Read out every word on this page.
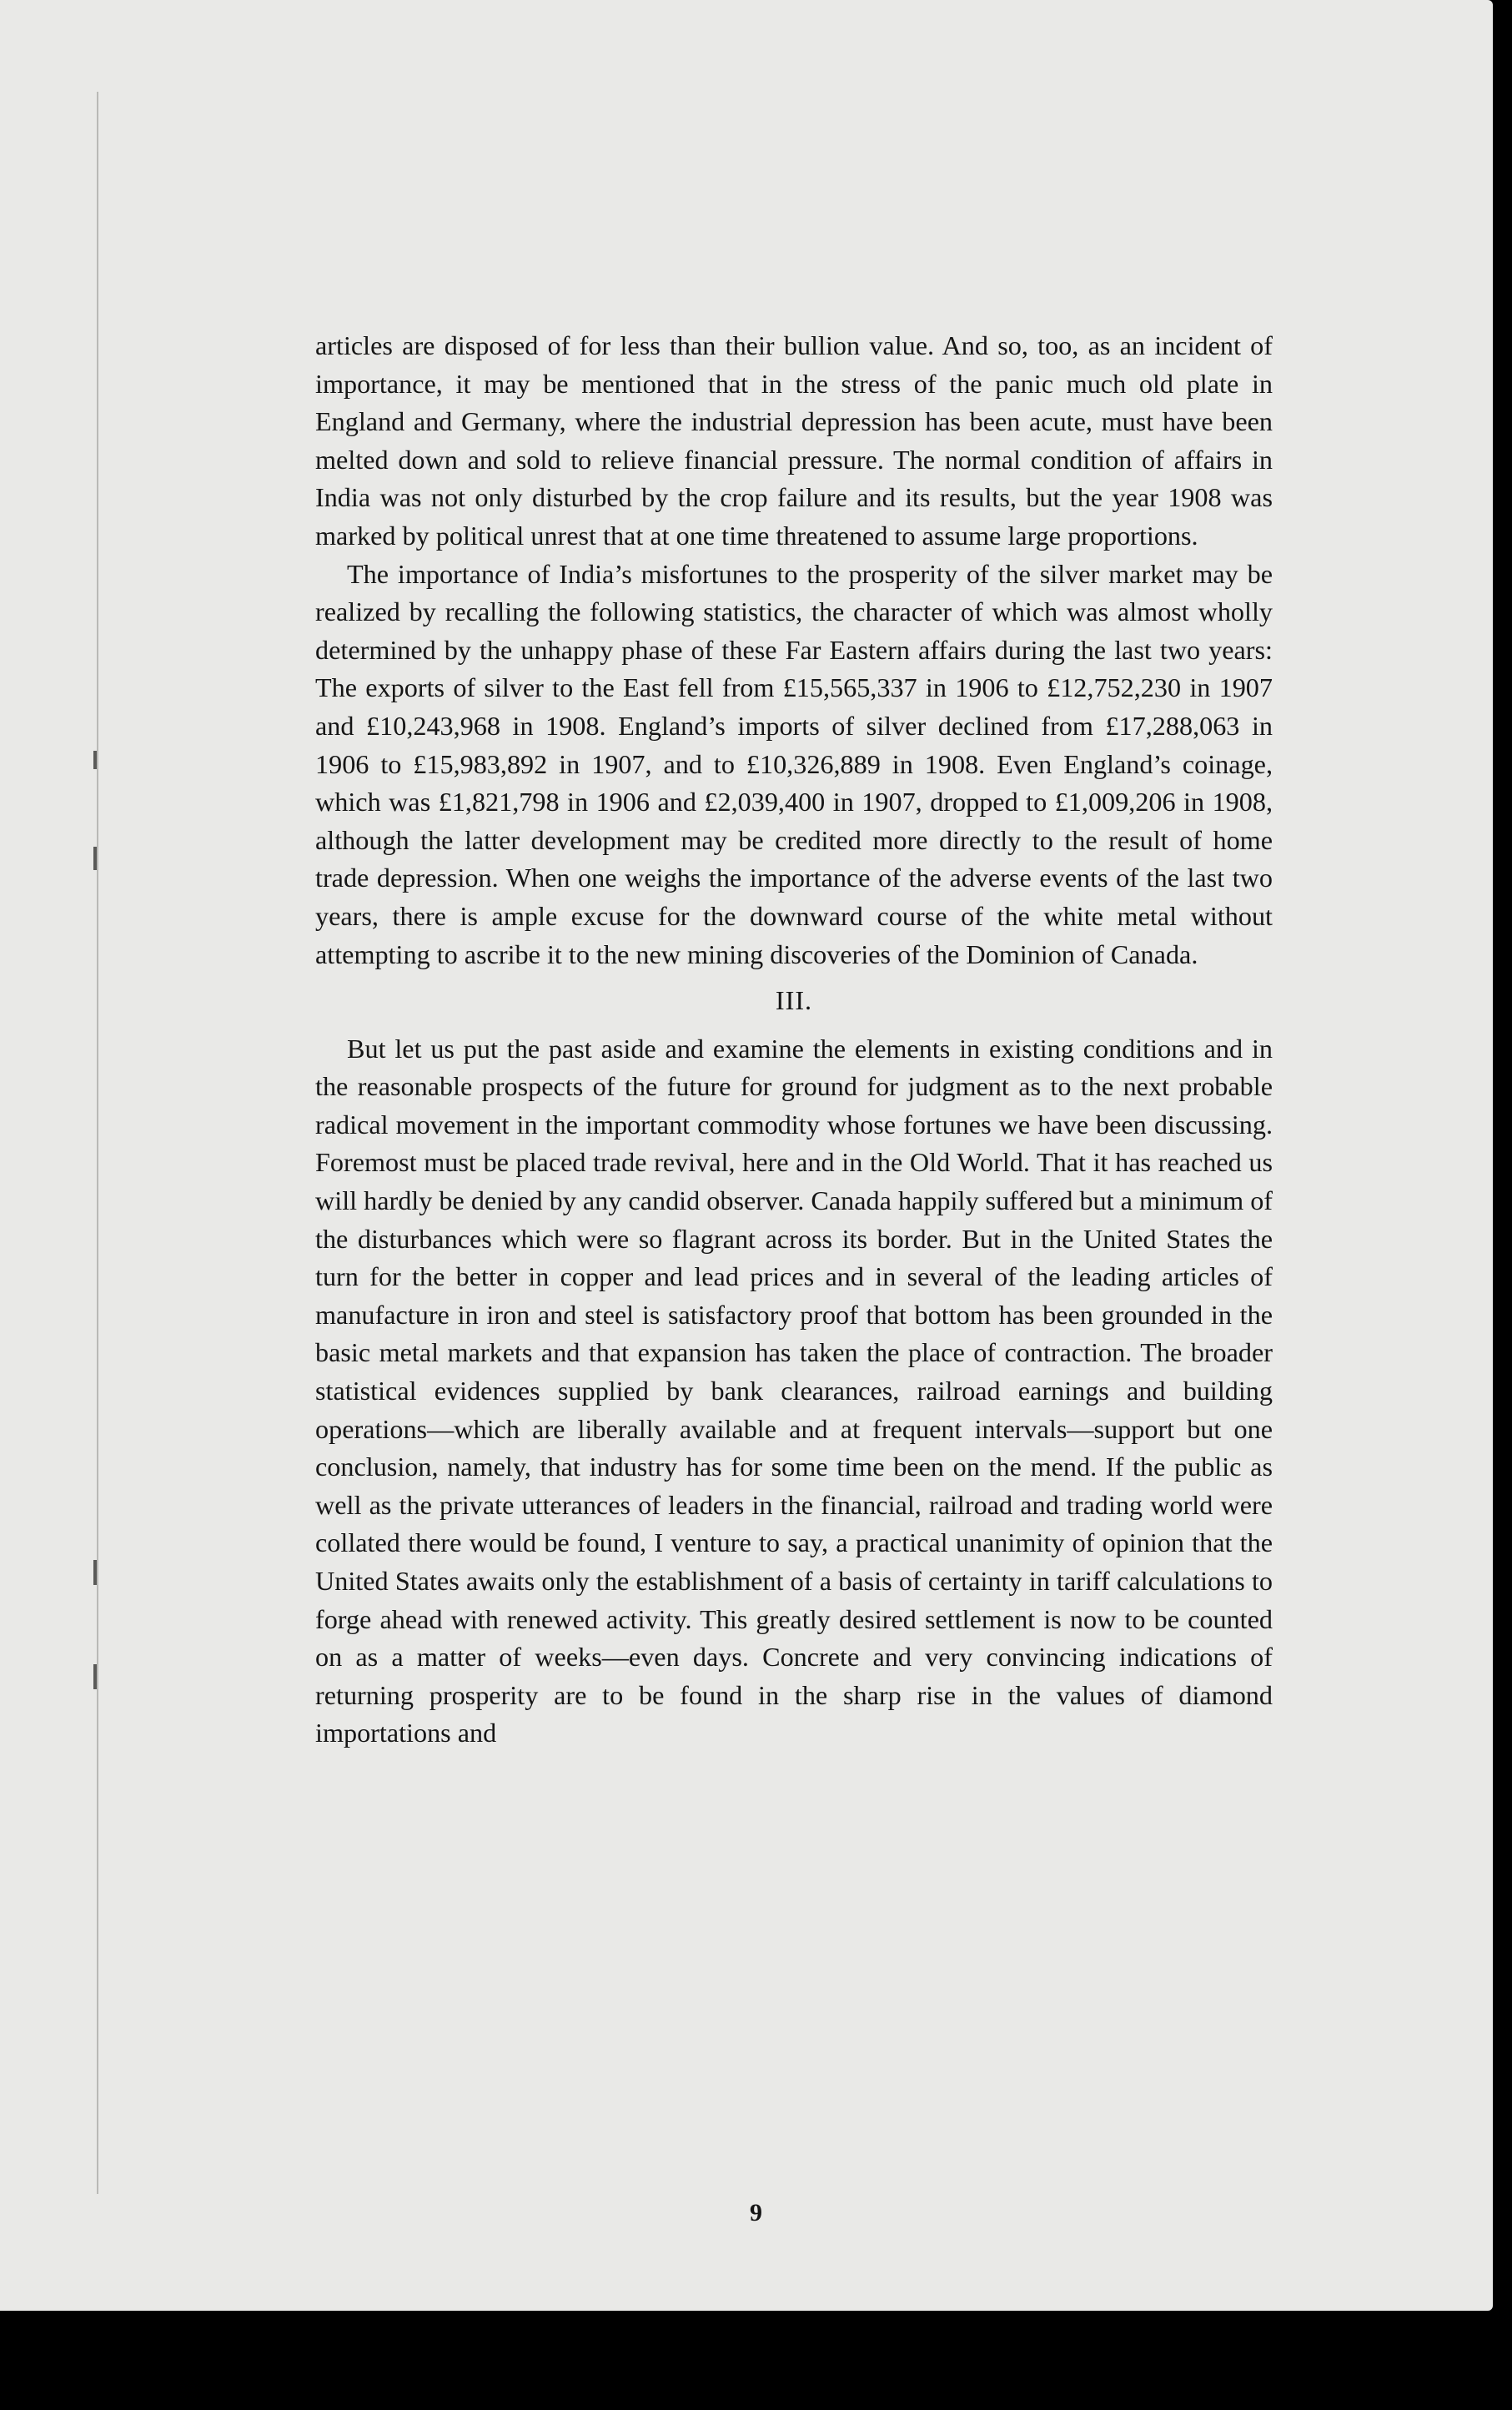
articles are disposed of for less than their bullion value. And so, too, as an incident of importance, it may be mentioned that in the stress of the panic much old plate in England and Germany, where the industrial depression has been acute, must have been melted down and sold to relieve financial pressure. The normal condition of affairs in India was not only disturbed by the crop failure and its results, but the year 1908 was marked by political unrest that at one time threatened to assume large proportions.

The importance of India’s misfortunes to the prosperity of the silver market may be realized by recalling the following statistics, the character of which was almost wholly determined by the unhappy phase of these Far Eastern affairs during the last two years: The exports of silver to the East fell from £15,565,337 in 1906 to £12,752,230 in 1907 and £10,243,968 in 1908. England’s imports of silver declined from £17,288,063 in 1906 to £15,983,892 in 1907, and to £10,326,889 in 1908. Even England’s coinage, which was £1,821,798 in 1906 and £2,039,400 in 1907, dropped to £1,009,206 in 1908, although the latter development may be credited more directly to the result of home trade depression. When one weighs the importance of the adverse events of the last two years, there is ample excuse for the downward course of the white metal without attempting to ascribe it to the new mining discoveries of the Dominion of Canada.

III.

But let us put the past aside and examine the elements in existing conditions and in the reasonable prospects of the future for ground for judgment as to the next probable radical movement in the important commodity whose fortunes we have been discussing. Foremost must be placed trade revival, here and in the Old World. That it has reached us will hardly be denied by any candid observer. Canada happily suffered but a minimum of the disturbances which were so flagrant across its border. But in the United States the turn for the better in copper and lead prices and in several of the leading articles of manufacture in iron and steel is satisfactory proof that bottom has been grounded in the basic metal markets and that expansion has taken the place of contraction. The broader statistical evidences supplied by bank clearances, railroad earnings and building operations—which are liberally available and at frequent intervals—support but one conclusion, namely, that industry has for some time been on the mend. If the public as well as the private utterances of leaders in the financial, railroad and trading world were collated there would be found, I venture to say, a practical unanimity of opinion that the United States awaits only the establishment of a basis of certainty in tariff calculations to forge ahead with renewed activity. This greatly desired settlement is now to be counted on as a matter of weeks—even days. Concrete and very convincing indications of returning prosperity are to be found in the sharp rise in the values of diamond importations and

9
